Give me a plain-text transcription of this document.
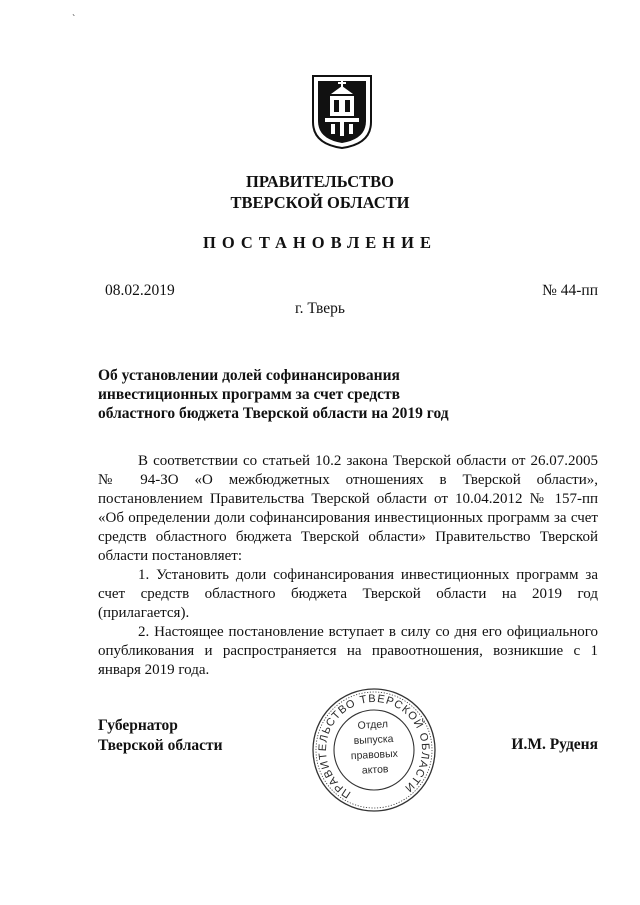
`
ПРАВИТЕЛЬСТВО
ТВЕРСКОЙ ОБЛАСТИ
ПОСТАНОВЛЕНИЕ
08.02.2019	№ 44-пп
г. Тверь
Об установлении долей софинансирования
инвестиционных программ за счет средств
областного бюджета Тверской области на 2019 год

В соответствии со статьей 10.2 закона Тверской области от 26.07.2005 № 94-ЗО «О межбюджетных отношениях в Тверской области», постановлением Правительства Тверской области от 10.04.2012 № 157-пп «Об определении доли софинансирования инвестиционных программ за счет средств областного бюджета Тверской области» Правительство Тверской области постановляет:

1. Установить доли софинансирования инвестиционных программ за счет средств областного бюджета Тверской области на 2019 год (прилагается).

2. Настоящее постановление вступает в силу со дня его официального опубликования и распространяется на правоотношения, возникшие с 1 января 2019 года.

Губернатор
Тверской области	И.М. Руденя
ПРАВИТЕЛЬСТВО ТВЕРСКОЙ ОБЛАСТИ
Отдел
выпуска
правовых
актов
